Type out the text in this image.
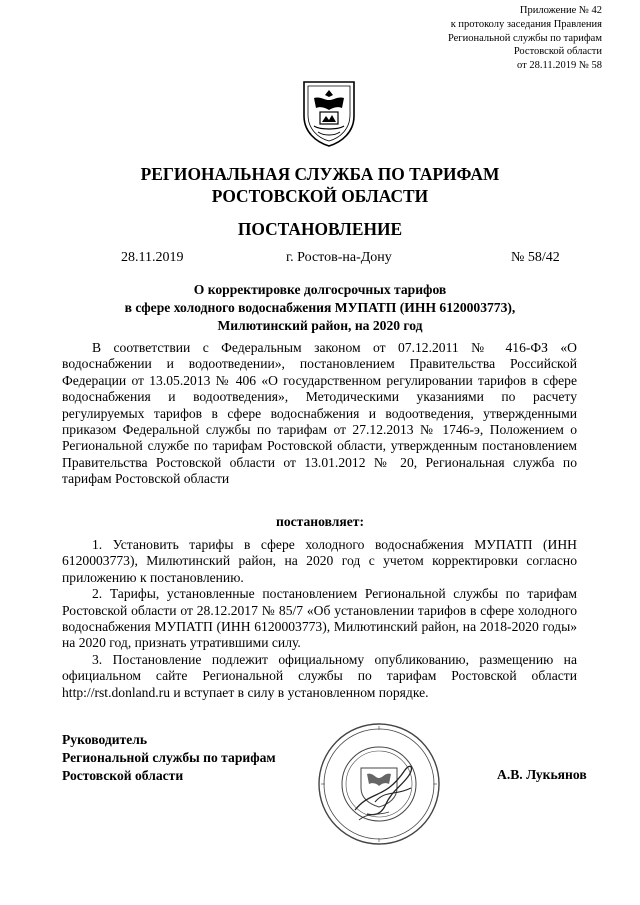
Приложение № 42
к протоколу заседания Правления
Региональной службы по тарифам
Ростовской области
от 28.11.2019 № 58
РЕГИОНАЛЬНАЯ СЛУЖБА ПО ТАРИФАМ
РОСТОВСКОЙ ОБЛАСТИ
ПОСТАНОВЛЕНИЕ
28.11.2019	г. Ростов-на-Дону	№ 58/42
О корректировке долгосрочных тарифов
в сфере холодного водоснабжения МУПАТП (ИНН 6120003773),
Милютинский район, на 2020 год

В соответствии с Федеральным законом от 07.12.2011 № 416-ФЗ «О водоснабжении и водоотведении», постановлением Правительства Российской Федерации от 13.05.2013 № 406 «О государственном регулировании тарифов в сфере водоснабжения и водоотведения», Методическими указаниями по расчету регулируемых тарифов в сфере водоснабжения и водоотведения, утвержденными приказом Федеральной службы по тарифам от 27.12.2013 № 1746-э, Положением о Региональной службе по тарифам Ростовской области, утвержденным постановлением Правительства Ростовской области от 13.01.2012 № 20, Региональная служба по тарифам Ростовской области

постановляет:

1. Установить тарифы в сфере холодного водоснабжения МУПАТП (ИНН 6120003773), Милютинский район, на 2020 год с учетом корректировки согласно приложению к постановлению.

2. Тарифы, установленные постановлением Региональной службы по тарифам Ростовской области от 28.12.2017 № 85/7 «Об установлении тарифов в сфере холодного водоснабжения МУПАТП (ИНН 6120003773), Милютинский район, на 2018-2020 годы» на 2020 год, признать утратившими силу.

3. Постановление подлежит официальному опубликованию, размещению на официальном сайте Региональной службы по тарифам Ростовской области http://rst.donland.ru и вступает в силу в установленном порядке.

Руководитель
Региональной службы по тарифам
Ростовской области	А.В. Лукьянов
